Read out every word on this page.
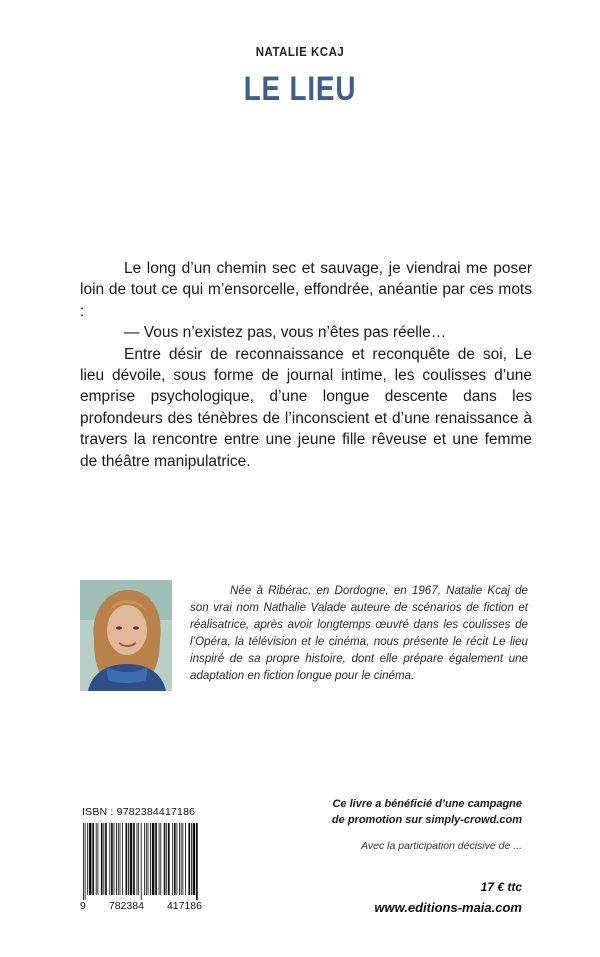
NATALIE KCAJ
LE LIEU

Le long d’un chemin sec et sauvage, je viendrai me poser loin de tout ce qui m’ensorcelle, effondrée, anéantie par ces mots :

— Vous n’existez pas, vous n’êtes pas réelle…

Entre désir de reconnaissance et reconquête de soi, Le lieu dévoile, sous forme de journal intime, les coulisses d’une emprise psychologique, d’une longue descente dans les profondeurs des ténèbres de l’inconscient et d’une renaissance à travers la rencontre entre une jeune fille rêveuse et une femme de théâtre manipulatrice.

Née à Ribérac, en Dordogne, en 1967, Natalie Kcaj de son vrai nom Nathalie Valade auteure de scénarios de fiction et réalisatrice, après avoir longtemps œuvré dans les coulisses de l’Opéra, la télévision et le cinéma, nous présente le récit Le lieu inspiré de sa propre histoire, dont elle prépare également une adaptation en fiction longue pour le cinéma.

ISBN : 9782384417186
9 782384 417186
Ce livre a bénéficié d’une campagne
de promotion sur simply-crowd.com
Avec la participation décisive de ...
17 € ttc
www.editions-maia.com
